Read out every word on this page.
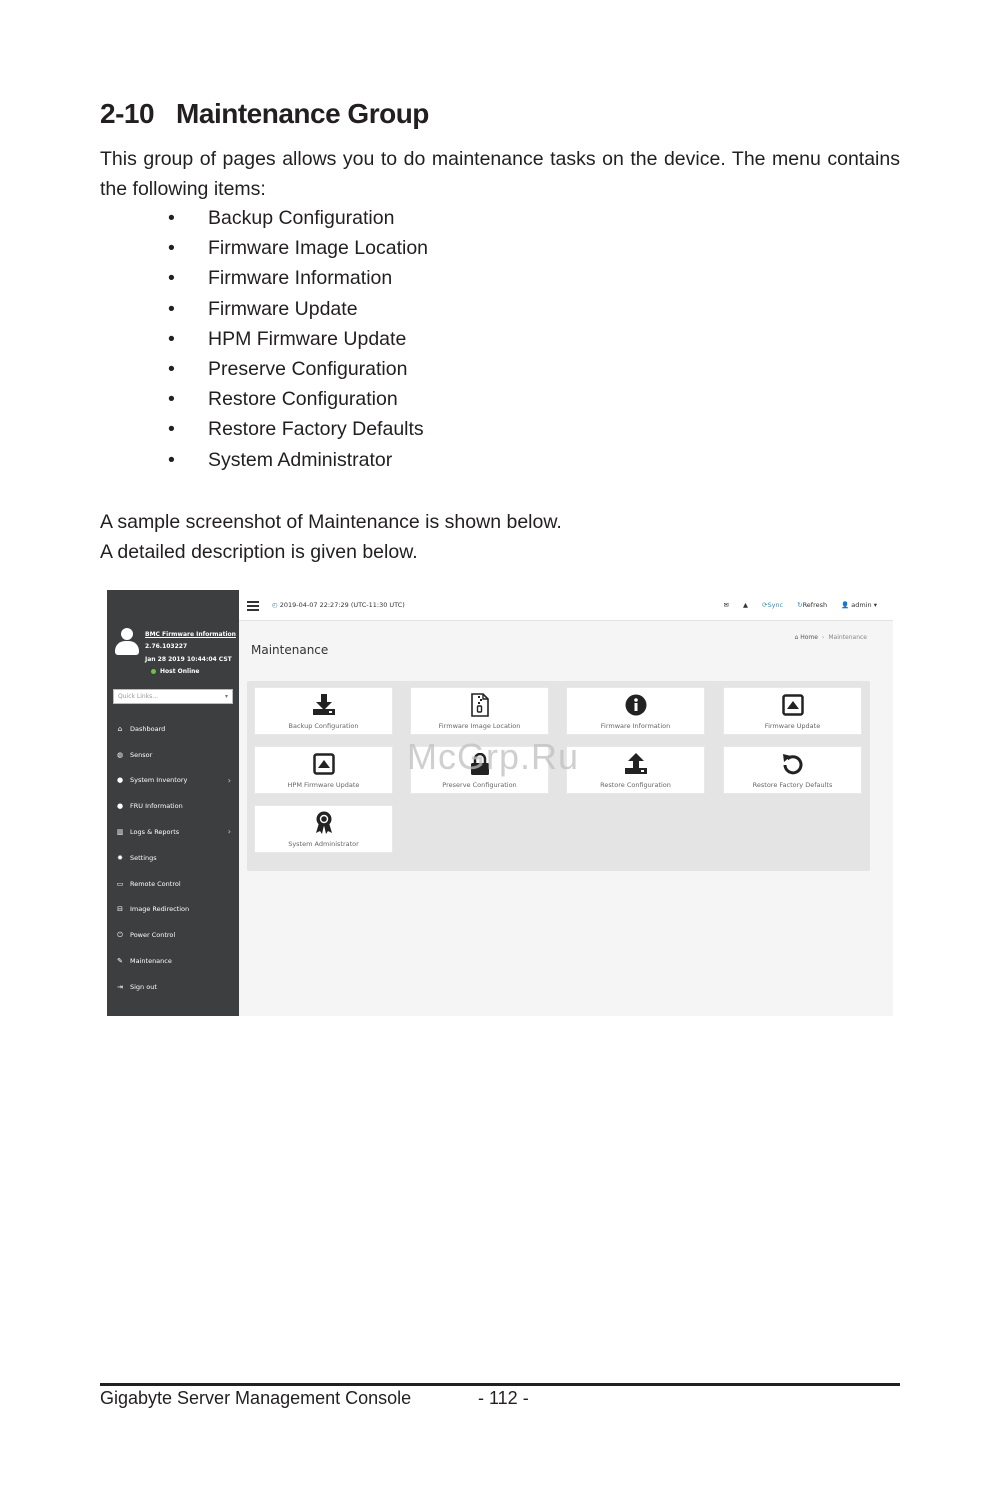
2-10 Maintenance Group
This group of pages allows you to do maintenance tasks on the device. The menu contains the following items:
•	Backup Configuration
•	Firmware Image Location
•	Firmware Information
•	Firmware Update
•	HPM Firmware Update
•	Preserve Configuration
•	Restore Configuration
•	Restore Factory Defaults
•	System Administrator
A sample screenshot of Maintenance is shown below.
A detailed description is given below.
BMC Firmware Information
2.76.103227
Jan 28 2019 10:44:04 CST
Host Online
Quick Links...	▾
⌂	Dashboard
◍	Sensor
●	System Inventory	›
●	FRU Information
▥ Logs & Reports	›
✹	Settings
▭ Remote Control
⊟	Image Redirection
⏻	Power Control
✎	Maintenance
⇥	Sign out
◴ 2019-04-07 22:27:29 (UTC-11:30 UTC)	✉ ▲ ⟳Sync ↻Refresh 👤 admin ▾
Maintenance
⌂ Home › Maintenance
Backup Configuration	Firmware Image Location	Firmware Information	Firmware Update
HPM Firmware Update	Preserve Configuration	Restore Configuration	Restore Factory Defaults
System Administrator
McGrp.Ru
Gigabyte Server Management Console	- 112 -
